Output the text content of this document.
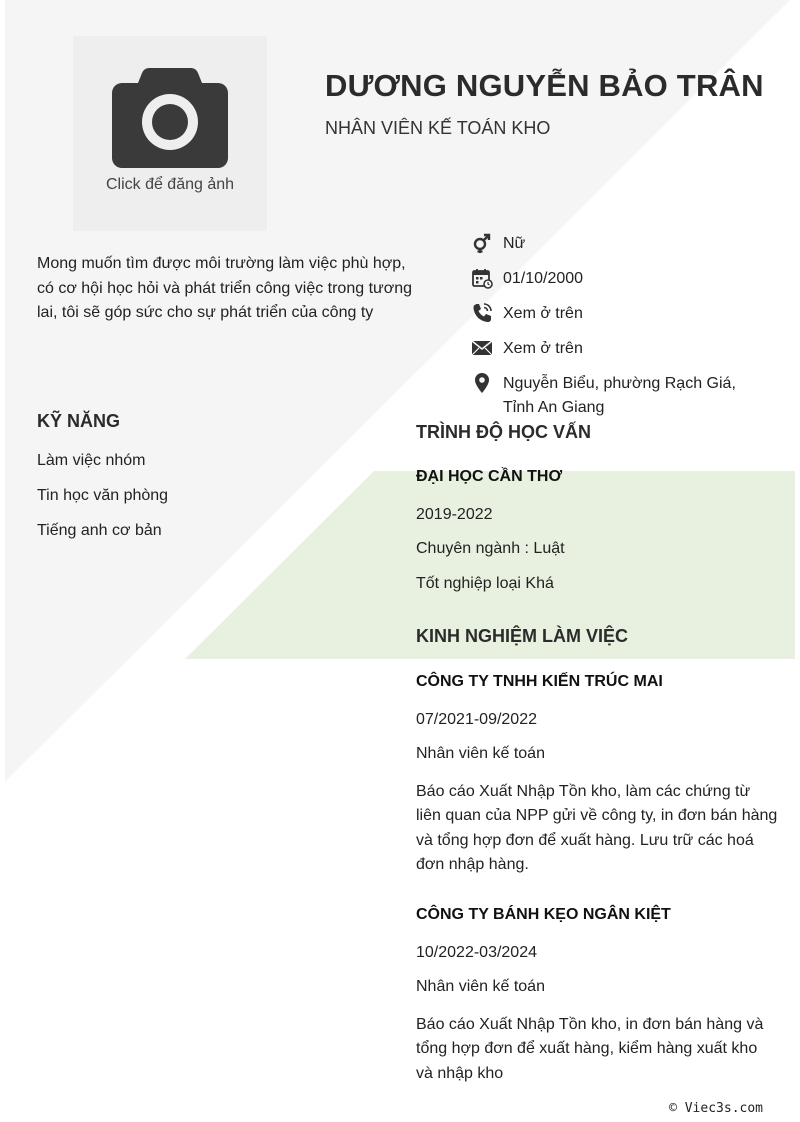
Click để đăng ảnh
DƯƠNG NGUYỄN BẢO TRÂN
NHÂN VIÊN KẾ TOÁN KHO
Mong muốn tìm được môi trường làm việc phù hợp, có cơ hội học hỏi và phát triển công việc trong tương lai, tôi sẽ góp sức cho sự phát triển của công ty
Nữ
01/10/2000
Xem ở trên
Xem ở trên
Nguyễn Biểu, phường Rạch Giá, Tỉnh An Giang
KỸ NĂNG
Làm việc nhóm
Tin học văn phòng
Tiếng anh cơ bản
TRÌNH ĐỘ HỌC VẤN
ĐẠI HỌC CẦN THƠ
2019-2022
Chuyên ngành : Luật
Tốt nghiệp loại Khá
KINH NGHIỆM LÀM VIỆC
CÔNG TY TNHH KIẾN TRÚC MAI
07/2021-09/2022
Nhân viên kế toán
Báo cáo Xuất Nhập Tồn kho, làm các chứng từ liên quan của NPP gửi về công ty, in đơn bán hàng và tổng hợp đơn để xuất hàng. Lưu trữ các hoá đơn nhập hàng.
CÔNG TY BÁNH KẸO NGÂN KIỆT
10/2022-03/2024
Nhân viên kế toán
Báo cáo Xuất Nhập Tồn kho, in đơn bán hàng và tổng hợp đơn để xuất hàng, kiểm hàng xuất kho và nhập kho
© Viec3s.com
